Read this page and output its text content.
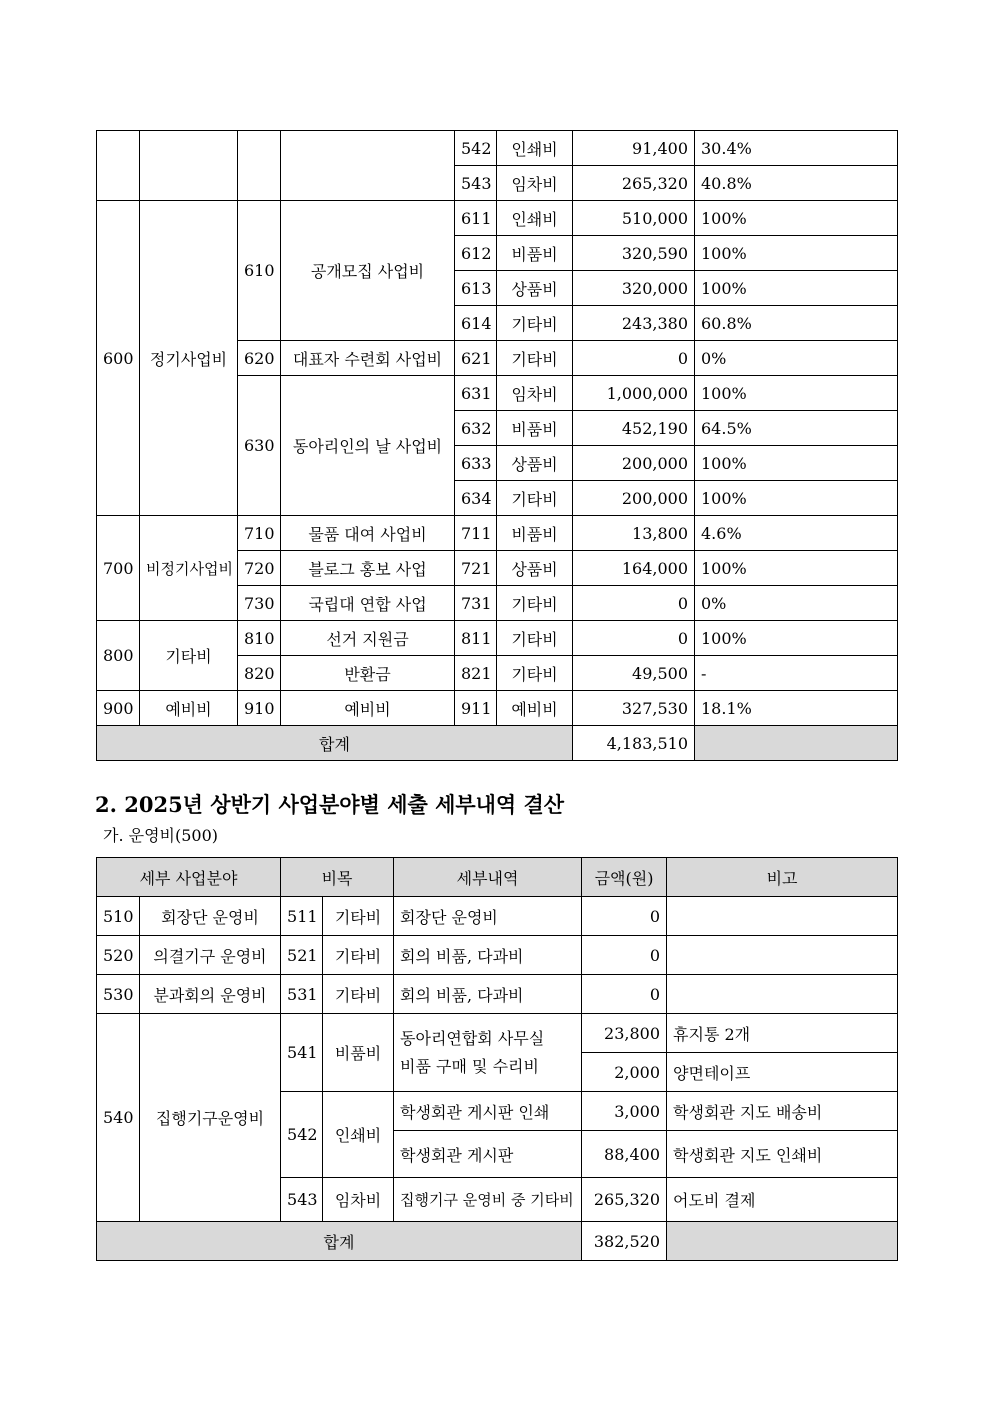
				542	인쇄비	91,400	30.4%
				543	임차비	265,320	40.8%
600	정기사업비	610	공개모집 사업비	611	인쇄비	510,000	100%
				612	비품비	320,590	100%
				613	상품비	320,000	100%
				614	기타비	243,380	60.8%
		620	대표자 수련회 사업비	621	기타비	0	0%
		630	동아리인의 날 사업비	631	임차비	1,000,000	100%
				632	비품비	452,190	64.5%
				633	상품비	200,000	100%
				634	기타비	200,000	100%
700	비정기사업비	710	물품 대여 사업비	711	비품비	13,800	4.6%
		720	블로그 홍보 사업	721	상품비	164,000	100%
		730	국립대 연합 사업	731	기타비	0	0%
800	기타비	810	선거 지원금	811	기타비	0	100%
		820	반환금	821	기타비	49,500	-
900	예비비	910	예비비	911	예비비	327,530	18.1%
합계						4,183,510	
2. 2025년 상반기 사업분야별 세출 세부내역 결산
가. 운영비(500)
세부 사업분야		비목		세부내역	금액(원)	비고
510	회장단 운영비	511	기타비	회장단 운영비	0	
520	의결기구 운영비	521	기타비	회의 비품, 다과비	0	
530	분과회의 운영비	531	기타비	회의 비품, 다과비	0	
540	집행기구운영비	541	비품비	동아리연합회 사무실
비품 구매 및 수리비	23,800	휴지통 2개
					2,000	양면테이프
		542	인쇄비	학생회관 게시판 인쇄	3,000	학생회관 지도 배송비
				학생회관 게시판	88,400	학생회관 지도 인쇄비
		543	임차비	집행기구 운영비 중 기타비	265,320	어도비 결제
합계					382,520	
